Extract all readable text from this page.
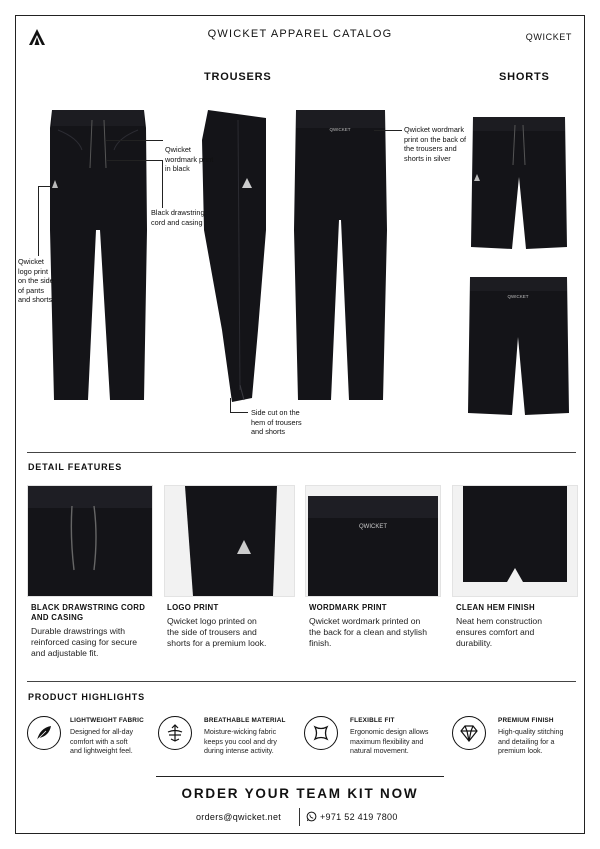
QWICKET APPAREL CATALOG	QWICKET
TROUSERS	SHORTS
QWICKET
QWICKET
Qwicket wordmark print in black
Black drawstring cord and casing
Qwicket logo print on the side of pants and shorts
Qwicket wordmark print on the back of the trousers and shorts in silver
Side cut on the hem of trousers and shorts
DETAIL FEATURES
QWICKET
BLACK DRAWSTRING CORD AND CASING
Durable drawstrings with reinforced casing for secure and adjustable fit.
LOGO PRINT
Qwicket logo printed on the side of trousers and shorts for a premium look.
WORDMARK PRINT
Qwicket wordmark printed on the back for a clean and stylish finish.
CLEAN HEM FINISH
Neat hem construction ensures comfort and durability.
PRODUCT HIGHLIGHTS
LIGHTWEIGHT FABRIC
Designed for all-day comfort with a soft and lightweight feel.
BREATHABLE MATERIAL
Moisture-wicking fabric keeps you cool and dry during intense activity.
FLEXIBLE FIT
Ergonomic design allows maximum flexibility and natural movement.
PREMIUM FINISH
High-quality stitching and detailing for a premium look.
ORDER YOUR TEAM KIT NOW
orders@qwicket.net	+971 52 419 7800
